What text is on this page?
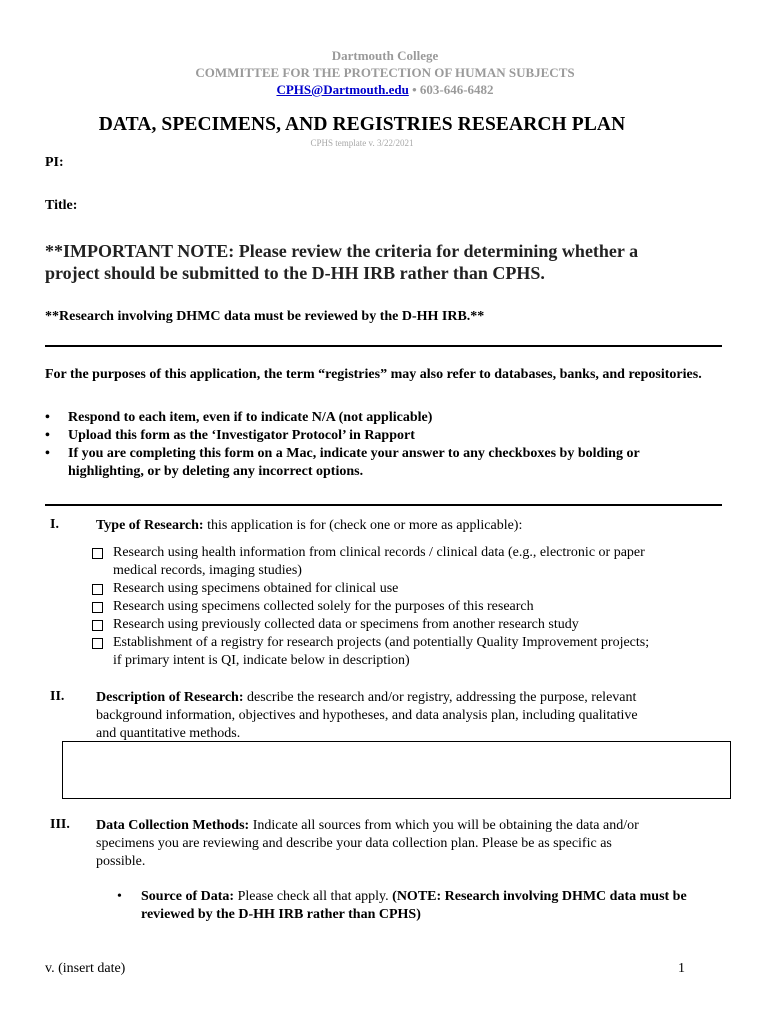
Dartmouth College
COMMITTEE FOR THE PROTECTION OF HUMAN SUBJECTS
CPHS@Dartmouth.edu • 603-646-6482
DATA, SPECIMENS, AND REGISTRIES RESEARCH PLAN
CPHS template v. 3/22/2021
PI:
Title:
**IMPORTANT NOTE: Please review the criteria for determining whether a project should be submitted to the D-HH IRB rather than CPHS.
**Research involving DHMC data must be reviewed by the D-HH IRB.**
For the purposes of this application, the term “registries” may also refer to databases, banks, and repositories.
• Respond to each item, even if to indicate N/A (not applicable)
• Upload this form as the ‘Investigator Protocol’ in Rapport
• If you are completing this form on a Mac, indicate your answer to any checkboxes by bolding or highlighting, or by deleting any incorrect options.
I.	Type of Research: this application is for (check one or more as applicable):
Research using health information from clinical records / clinical data (e.g., electronic or paper medical records, imaging studies)
Research using specimens obtained for clinical use
Research using specimens collected solely for the purposes of this research
Research using previously collected data or specimens from another research study
Establishment of a registry for research projects (and potentially Quality Improvement projects; if primary intent is QI, indicate below in description)
II. Description of Research: describe the research and/or registry, addressing the purpose, relevant background information, objectives and hypotheses, and data analysis plan, including qualitative and quantitative methods.
III. Data Collection Methods: Indicate all sources from which you will be obtaining the data and/or specimens you are reviewing and describe your data collection plan. Please be as specific as possible.
• Source of Data: Please check all that apply. (NOTE: Research involving DHMC data must be reviewed by the D-HH IRB rather than CPHS)
v. (insert date)	1
